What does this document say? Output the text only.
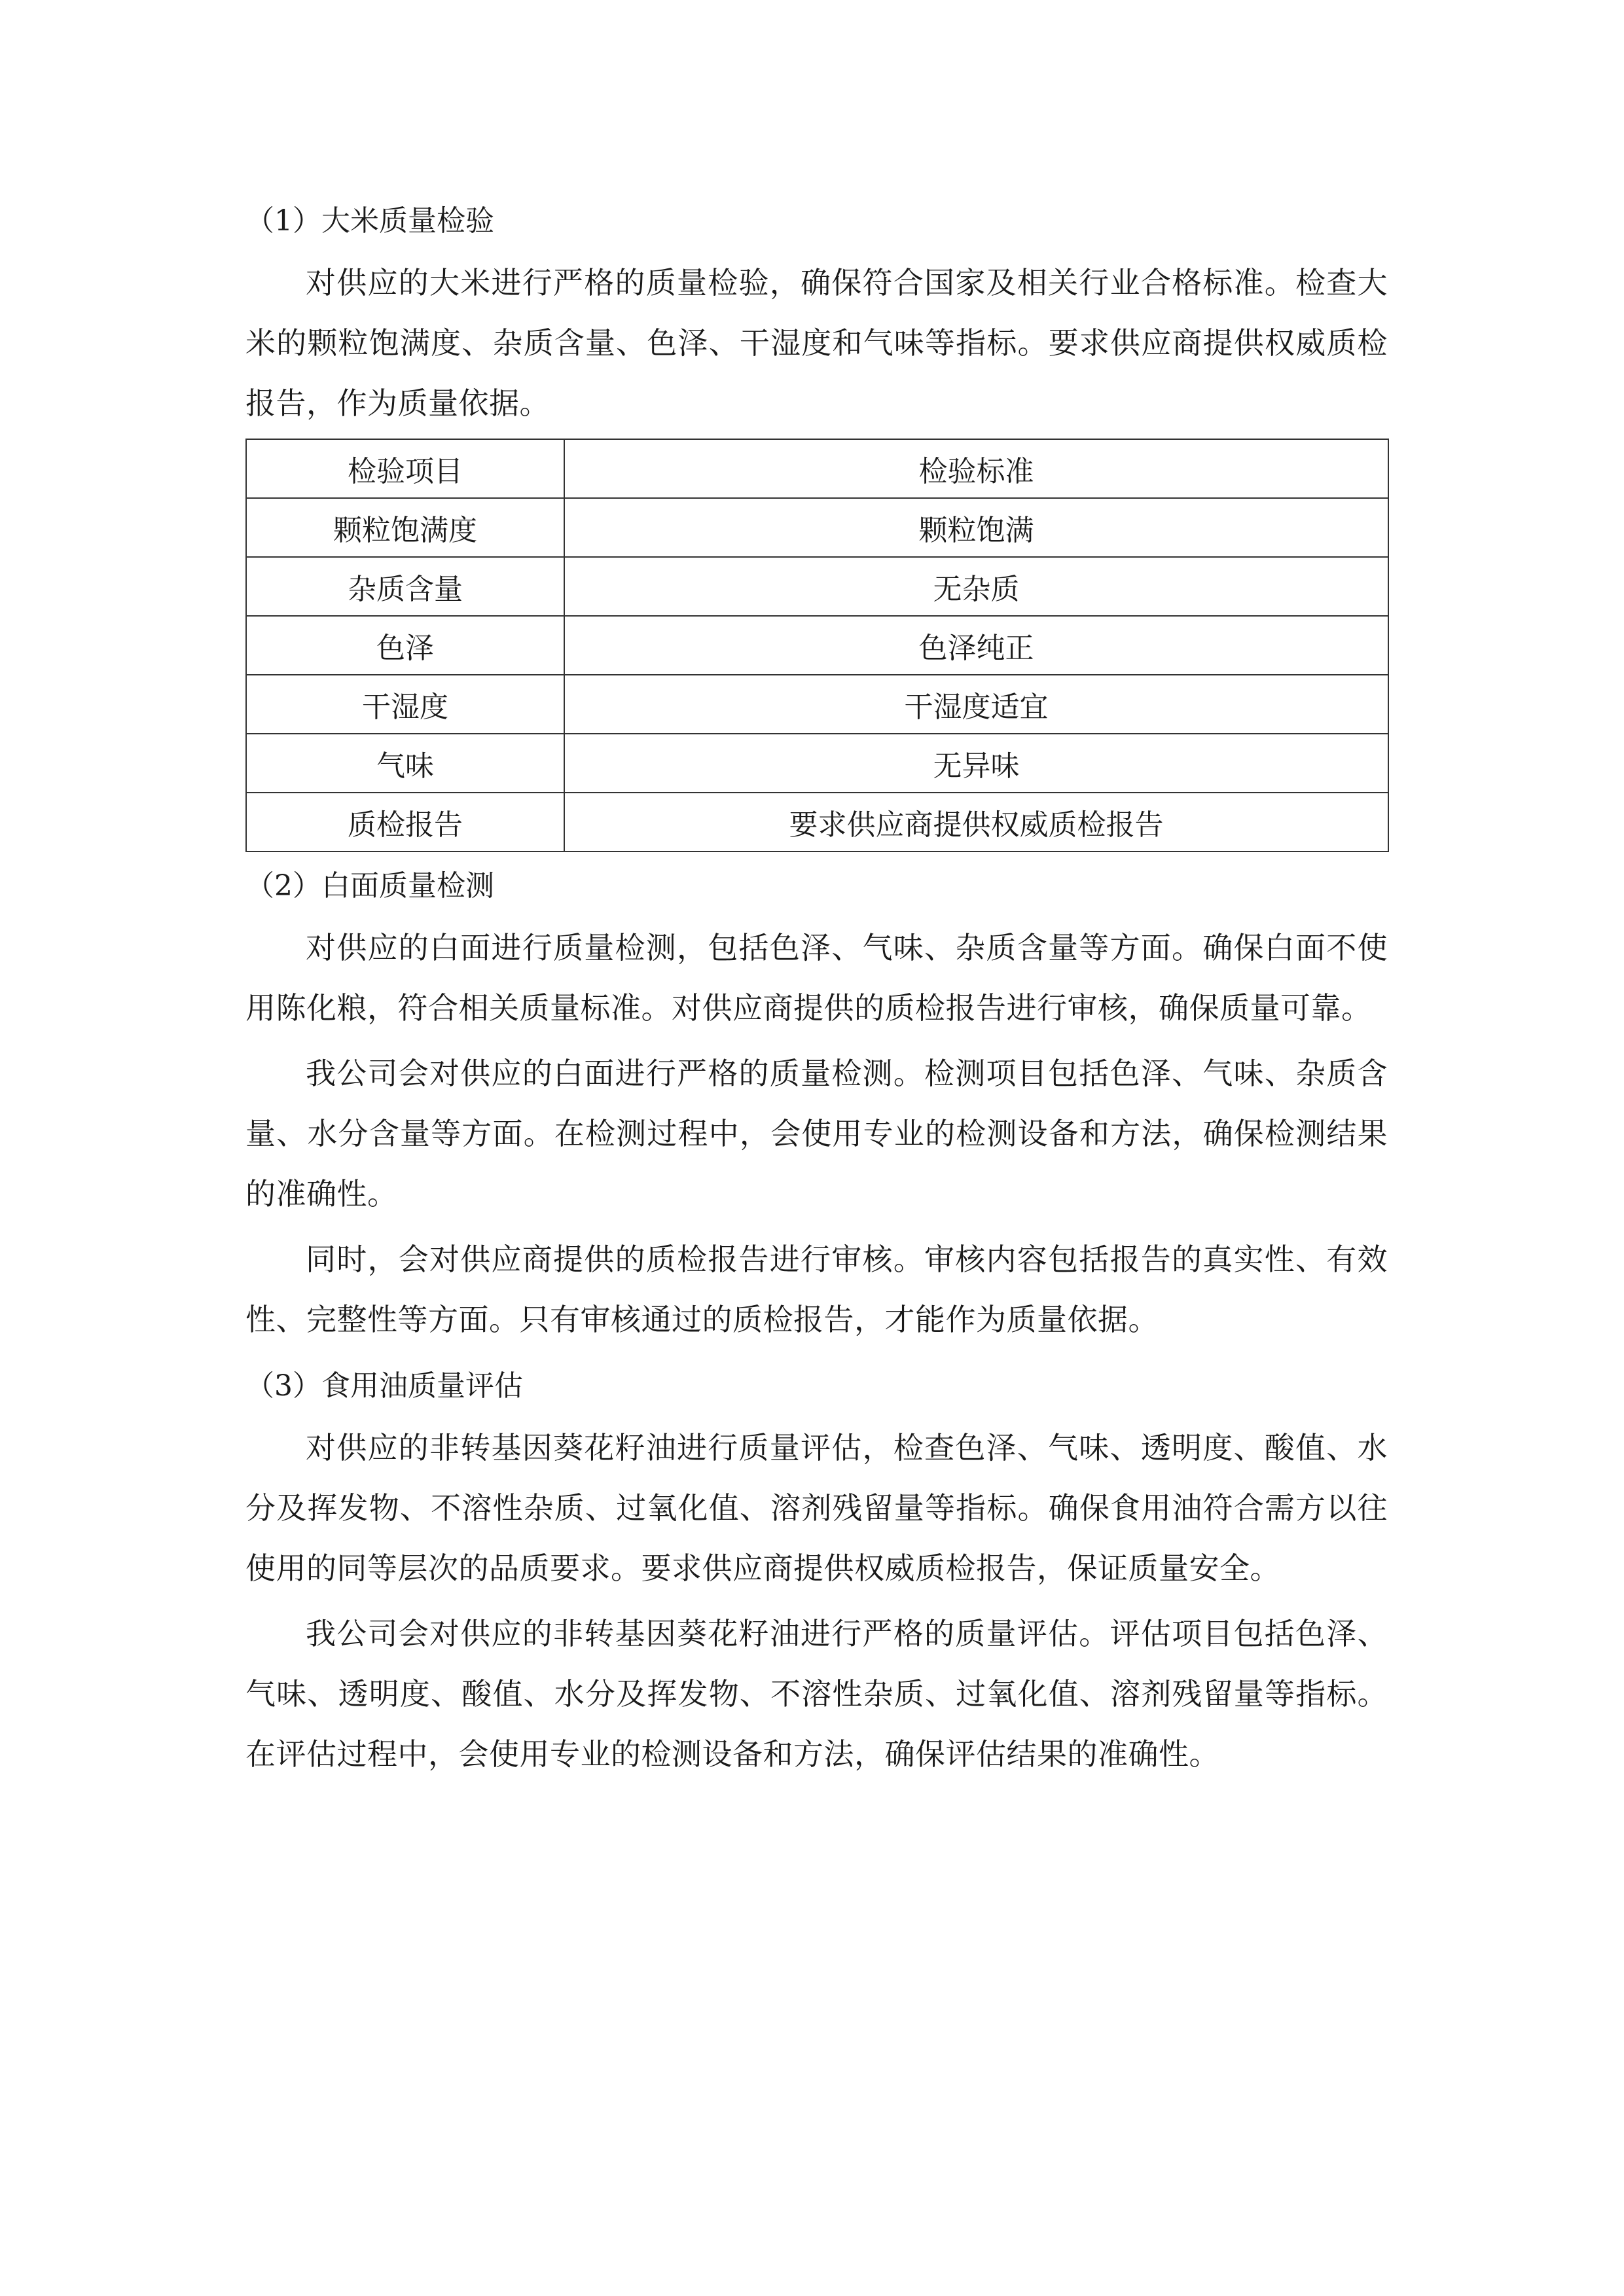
（1）大米质量检验

对供应的大米进行严格的质量检验，确保符合国家及相关行业合格标准。检查大米的颗粒饱满度、杂质含量、色泽、干湿度和气味等指标。要求供应商提供权威质检报告，作为质量依据。

检验项目	检验标准
颗粒饱满度	颗粒饱满
杂质含量	无杂质
色泽	色泽纯正
干湿度	干湿度适宜
气味	无异味
质检报告	要求供应商提供权威质检报告

（2）白面质量检测

对供应的白面进行质量检测，包括色泽、气味、杂质含量等方面。确保白面不使用陈化粮，符合相关质量标准。对供应商提供的质检报告进行审核，确保质量可靠。

我公司会对供应的白面进行严格的质量检测。检测项目包括色泽、气味、杂质含量、水分含量等方面。在检测过程中，会使用专业的检测设备和方法，确保检测结果的准确性。

同时，会对供应商提供的质检报告进行审核。审核内容包括报告的真实性、有效性、完整性等方面。只有审核通过的质检报告，才能作为质量依据。

（3）食用油质量评估

对供应的非转基因葵花籽油进行质量评估，检查色泽、气味、透明度、酸值、水分及挥发物、不溶性杂质、过氧化值、溶剂残留量等指标。确保食用油符合需方以往使用的同等层次的品质要求。要求供应商提供权威质检报告，保证质量安全。

我公司会对供应的非转基因葵花籽油进行严格的质量评估。评估项目包括色泽、气味、透明度、酸值、水分及挥发物、不溶性杂质、过氧化值、溶剂残留量等指标。在评估过程中，会使用专业的检测设备和方法，确保评估结果的准确性。
